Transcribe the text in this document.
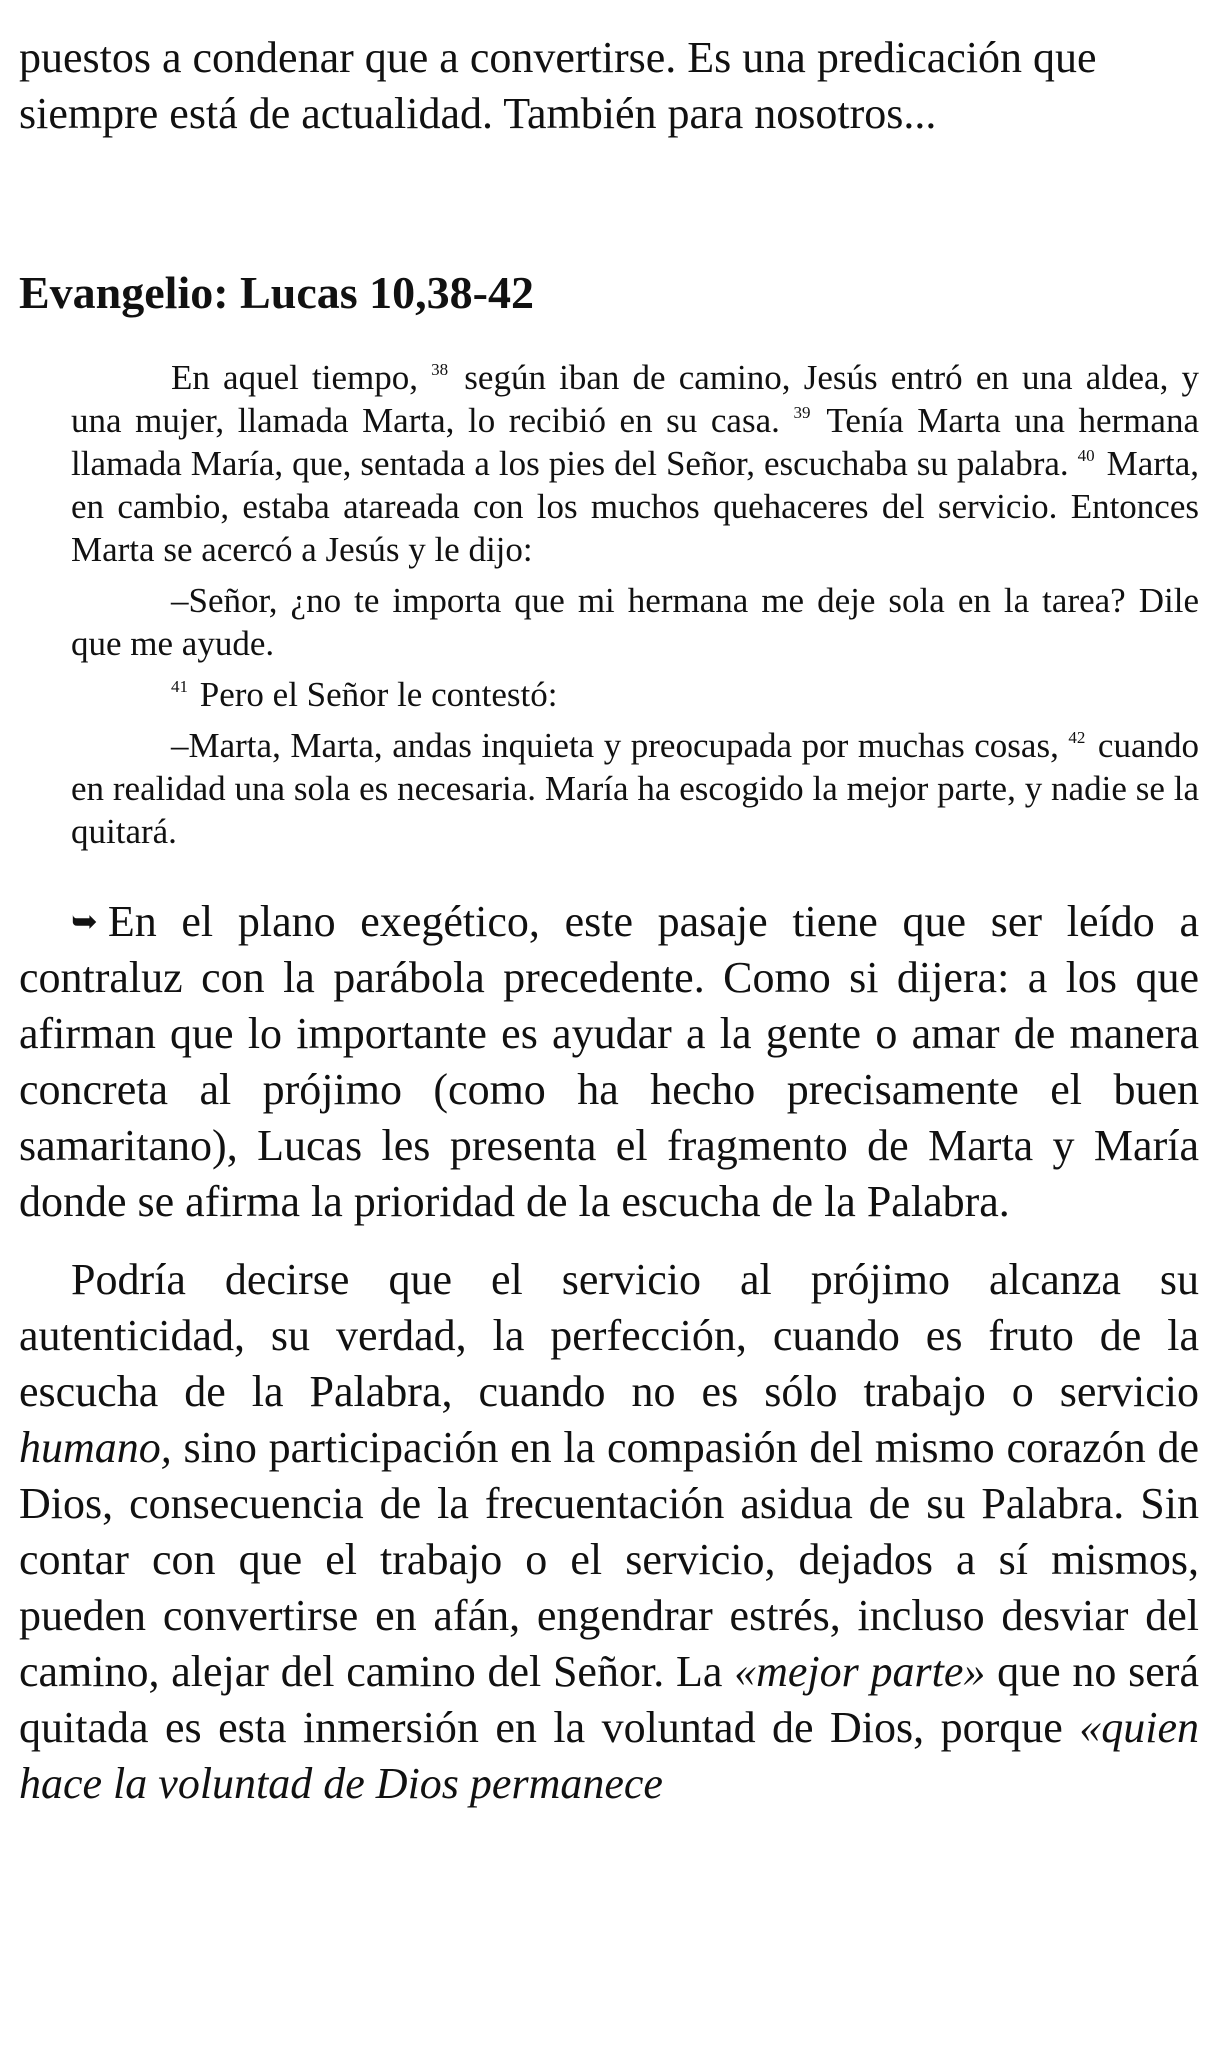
puestos a condenar que a convertirse. Es una predicación que siempre está de actualidad. También para nosotros...

Evangelio: Lucas 10,38-42

En aquel tiempo, $^{38}$ según iban de camino, Jesús entró en una aldea, y una mujer, llamada Marta, lo recibió en su casa. $^{39}$ Tenía Marta una hermana llamada María, que, sentada a los pies del Señor, escuchaba su palabra. $^{40}$ Marta, en cambio, estaba atareada con los muchos quehaceres del servicio. Entonces Marta se acercó a Jesús y le dijo:

–Señor, ¿no te importa que mi hermana me deje sola en la tarea? Dile que me ayude.

$^{41}$ Pero el Señor le contestó:

–Marta, Marta, andas inquieta y preocupada por muchas cosas, $^{42}$ cuando en realidad una sola es necesaria. María ha escogido la mejor parte, y nadie se la quitará.

➥ En el plano exegético, este pasaje tiene que ser leído a contraluz con la parábola precedente. Como si dijera: a los que afirman que lo importante es ayudar a la gente o amar de manera concreta al prójimo (como ha hecho precisamente el buen samaritano), Lucas les presenta el fragmento de Marta y María donde se afirma la prioridad de la escucha de la Palabra.

Podría decirse que el servicio al prójimo alcanza su autenticidad, su verdad, la perfección, cuando es fruto de la escucha de la Palabra, cuando no es sólo trabajo o servicio humano, sino participación en la compasión del mismo corazón de Dios, consecuencia de la frecuentación asidua de su Palabra. Sin contar con que el trabajo o el servicio, dejados a sí mismos, pueden convertirse en afán, engendrar estrés, incluso desviar del camino, alejar del camino del Señor. La «mejor parte» que no será quitada es esta inmersión en la voluntad de Dios, porque «quien hace la voluntad de Dios permanece
